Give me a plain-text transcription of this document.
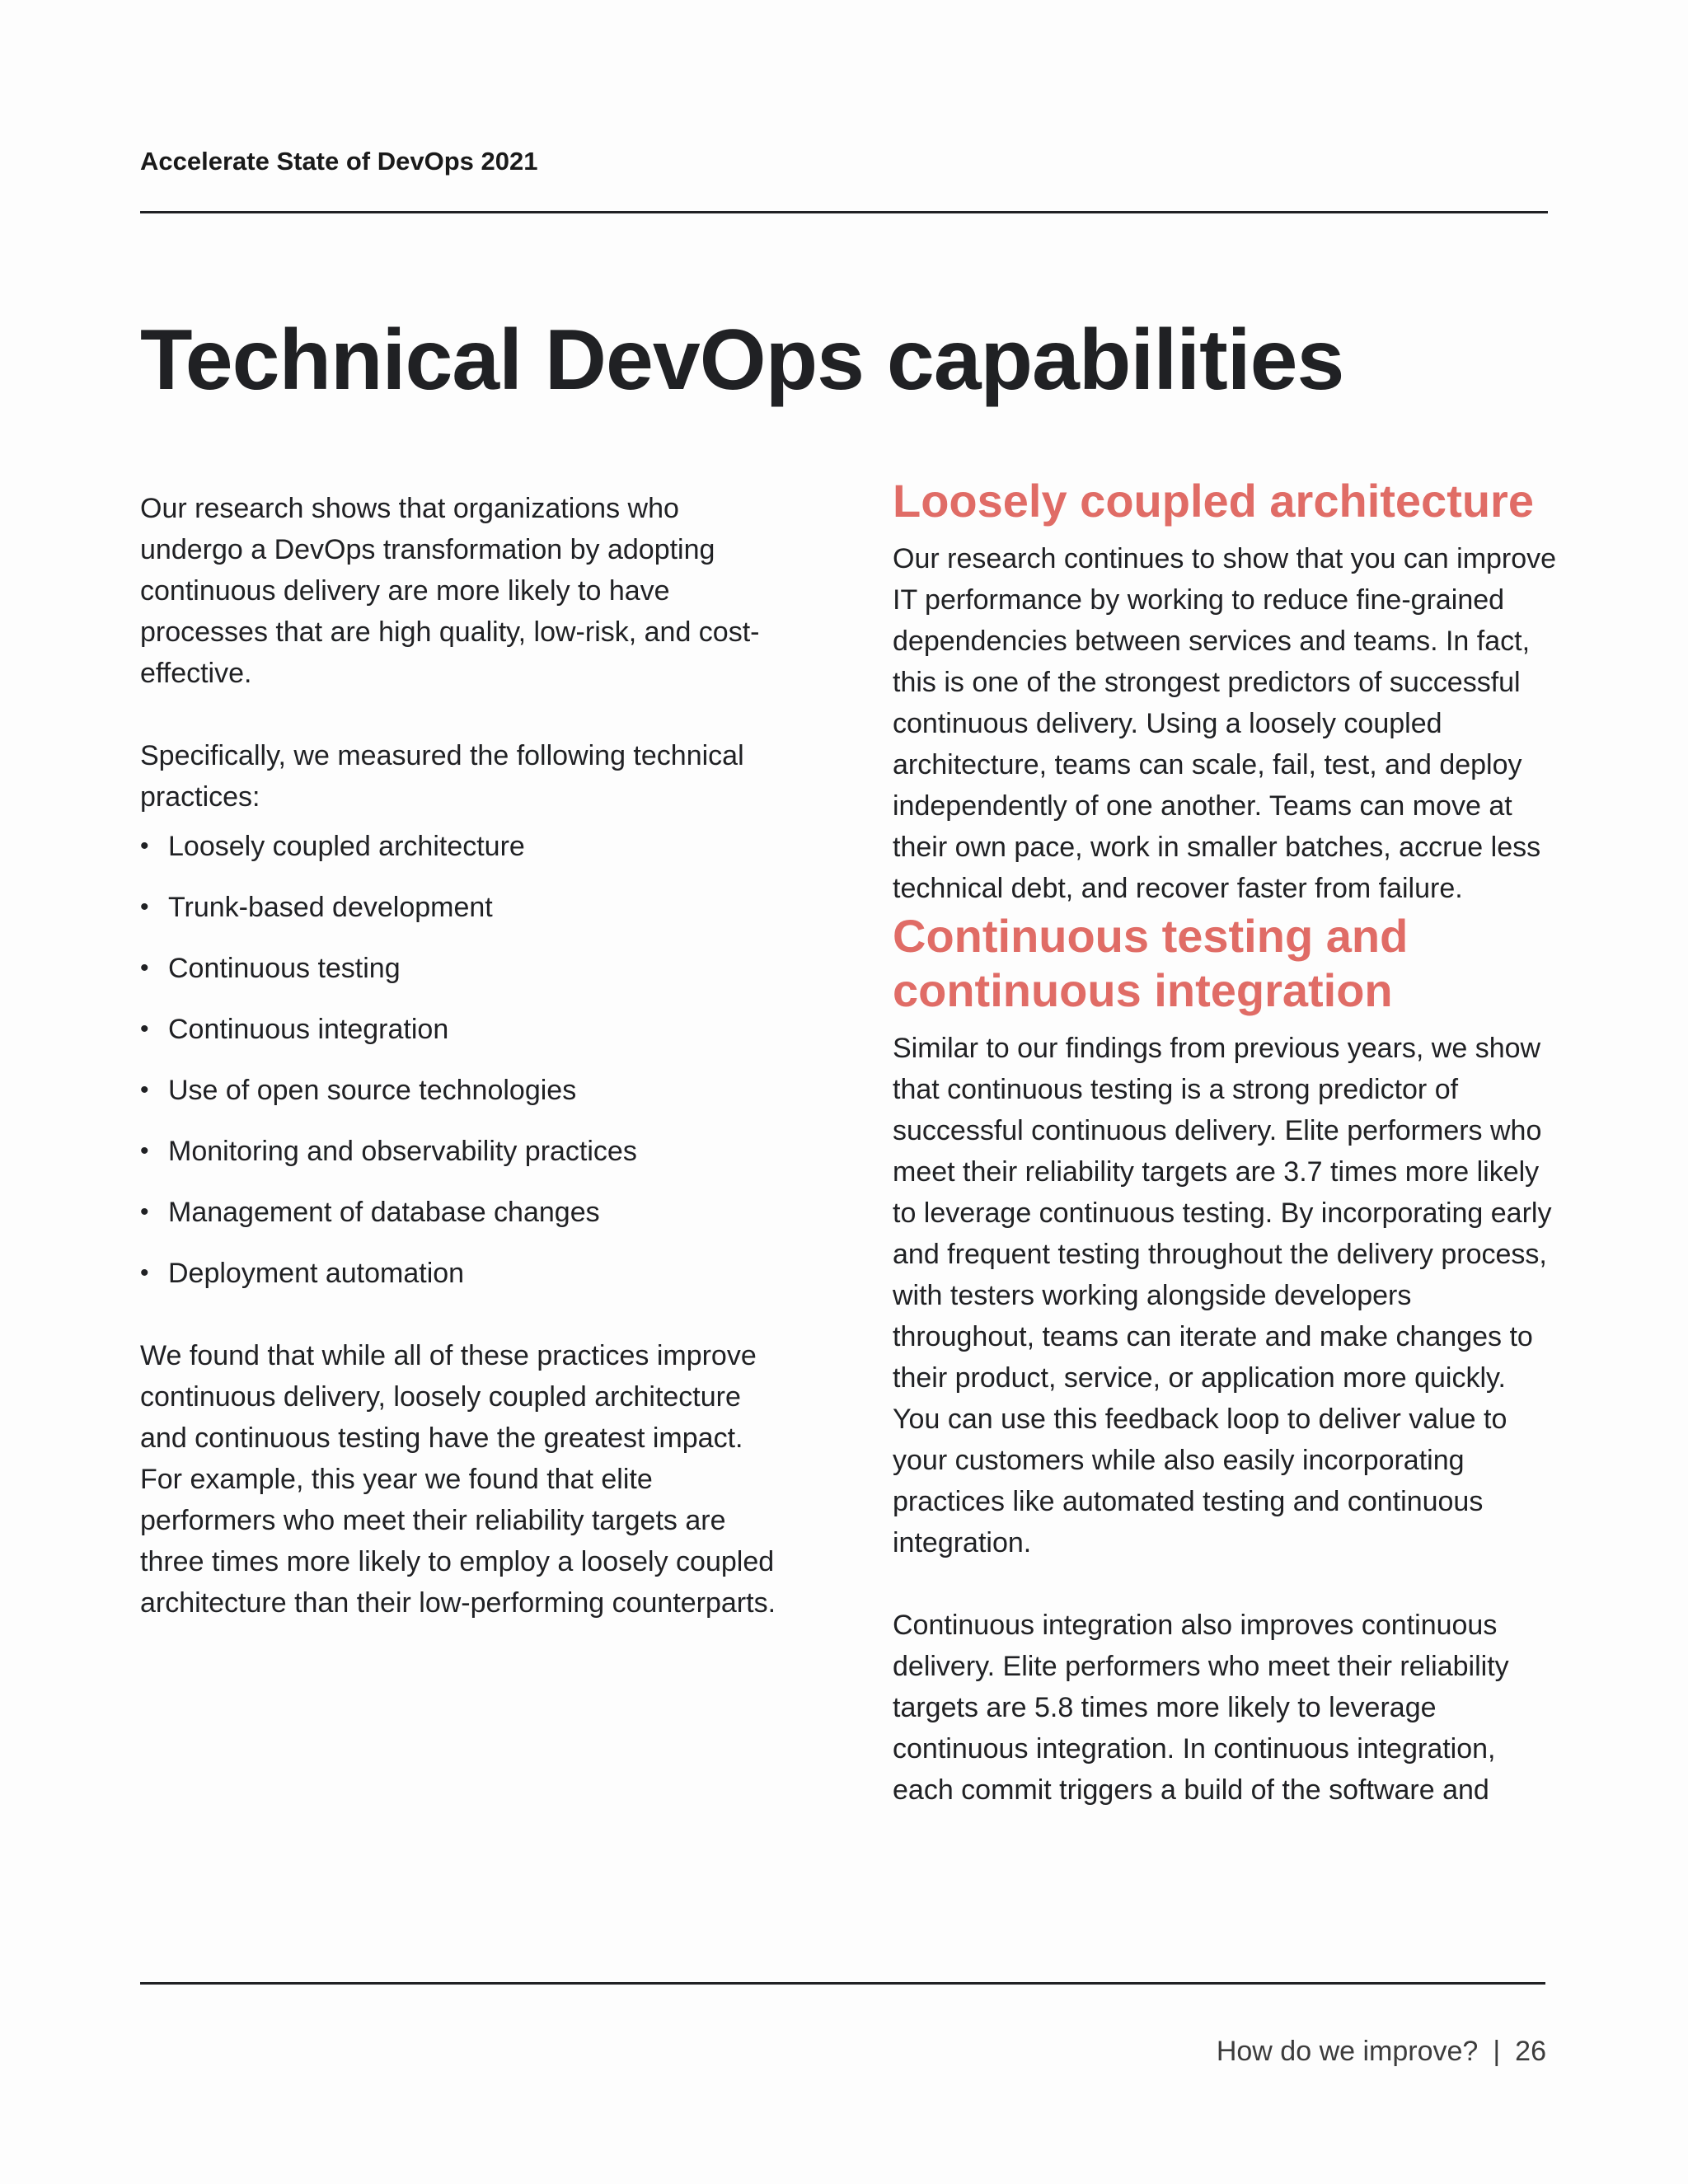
Accelerate State of DevOps 2021
Technical DevOps capabilities

Our research shows that organizations who undergo a DevOps transformation by adopting continuous delivery are more likely to have processes that are high quality, low-risk, and cost-effective.

Specifically, we measured the following technical practices:

• Loosely coupled architecture
• Trunk-based development
• Continuous testing
• Continuous integration
• Use of open source technologies
• Monitoring and observability practices
• Management of database changes
• Deployment automation

We found that while all of these practices improve continuous delivery, loosely coupled architecture and continuous testing have the greatest impact. For example, this year we found that elite performers who meet their reliability targets are three times more likely to employ a loosely coupled architecture than their low-performing counterparts.

Loosely coupled architecture

Our research continues to show that you can improve IT performance by working to reduce fine-grained dependencies between services and teams. In fact, this is one of the strongest predictors of successful continuous delivery. Using a loosely coupled architecture, teams can scale, fail, test, and deploy independently of one another. Teams can move at their own pace, work in smaller batches, accrue less technical debt, and recover faster from failure.

Continuous testing and continuous integration

Similar to our findings from previous years, we show that continuous testing is a strong predictor of successful continuous delivery. Elite performers who meet their reliability targets are 3.7 times more likely to leverage continuous testing. By incorporating early and frequent testing throughout the delivery process, with testers working alongside developers throughout, teams can iterate and make changes to their product, service, or application more quickly. You can use this feedback loop to deliver value to your customers while also easily incorporating practices like automated testing and continuous integration.

Continuous integration also improves continuous delivery. Elite performers who meet their reliability targets are 5.8 times more likely to leverage continuous integration. In continuous integration, each commit triggers a build of the software and

How do we improve? | 26
